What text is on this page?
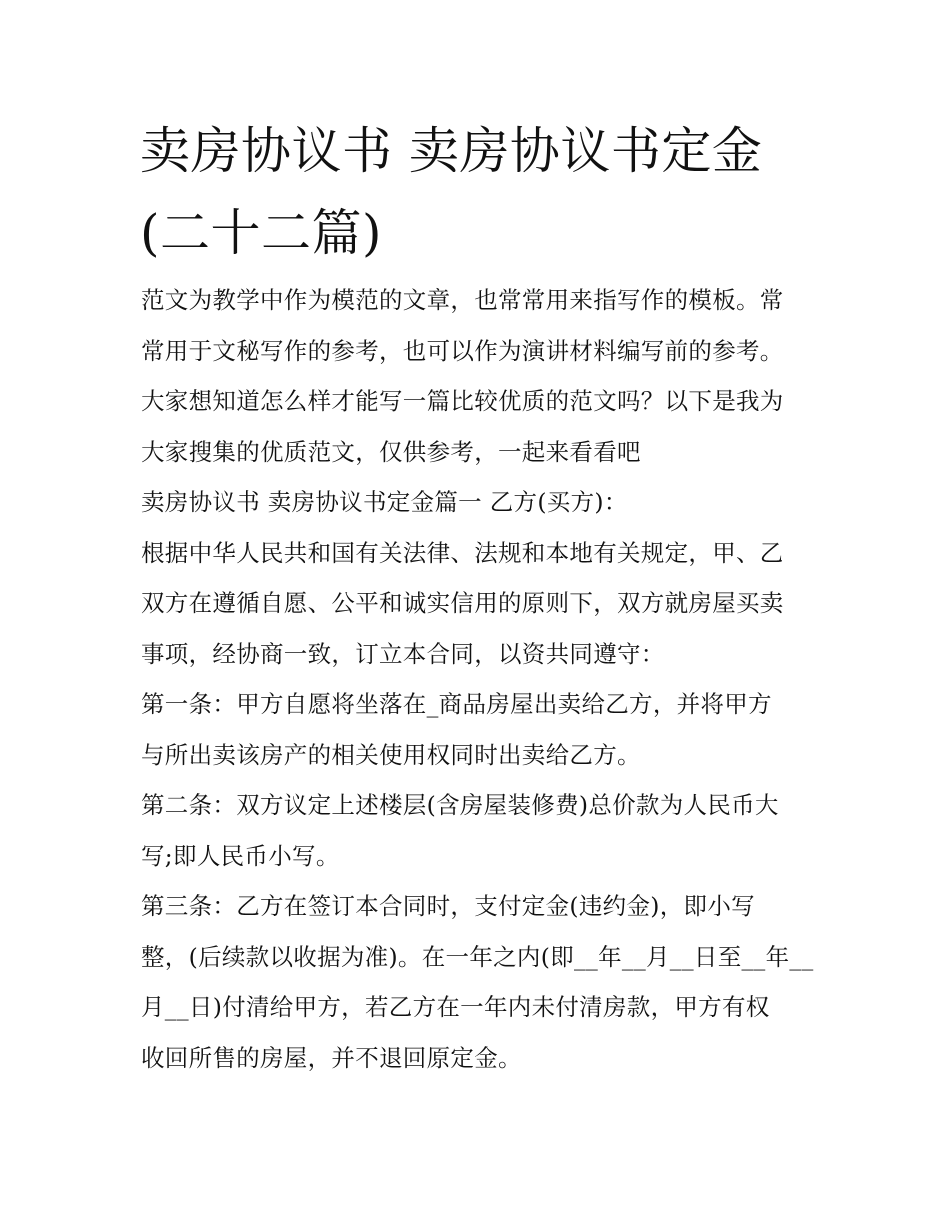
卖房协议书 卖房协议书定金
(二十二篇)
范文为教学中作为模范的文章，也常常用来指写作的模板。常
常用于文秘写作的参考，也可以作为演讲材料编写前的参考。
大家想知道怎么样才能写一篇比较优质的范文吗？以下是我为
大家搜集的优质范文，仅供参考，一起来看看吧
卖房协议书 卖房协议书定金篇一 乙方(买方)：
根据中华人民共和国有关法律、法规和本地有关规定，甲、乙
双方在遵循自愿、公平和诚实信用的原则下，双方就房屋买卖
事项，经协商一致，订立本合同，以资共同遵守：
第一条：甲方自愿将坐落在_商品房屋出卖给乙方，并将甲方
与所出卖该房产的相关使用权同时出卖给乙方。
第二条：双方议定上述楼层(含房屋装修费)总价款为人民币大
写;即人民币小写。
第三条：乙方在签订本合同时，支付定金(违约金)，即小写
整，(后续款以收据为准)。在一年之内(即__年__月__日至__年__
月__日)付清给甲方，若乙方在一年内未付清房款，甲方有权
收回所售的房屋，并不退回原定金。
